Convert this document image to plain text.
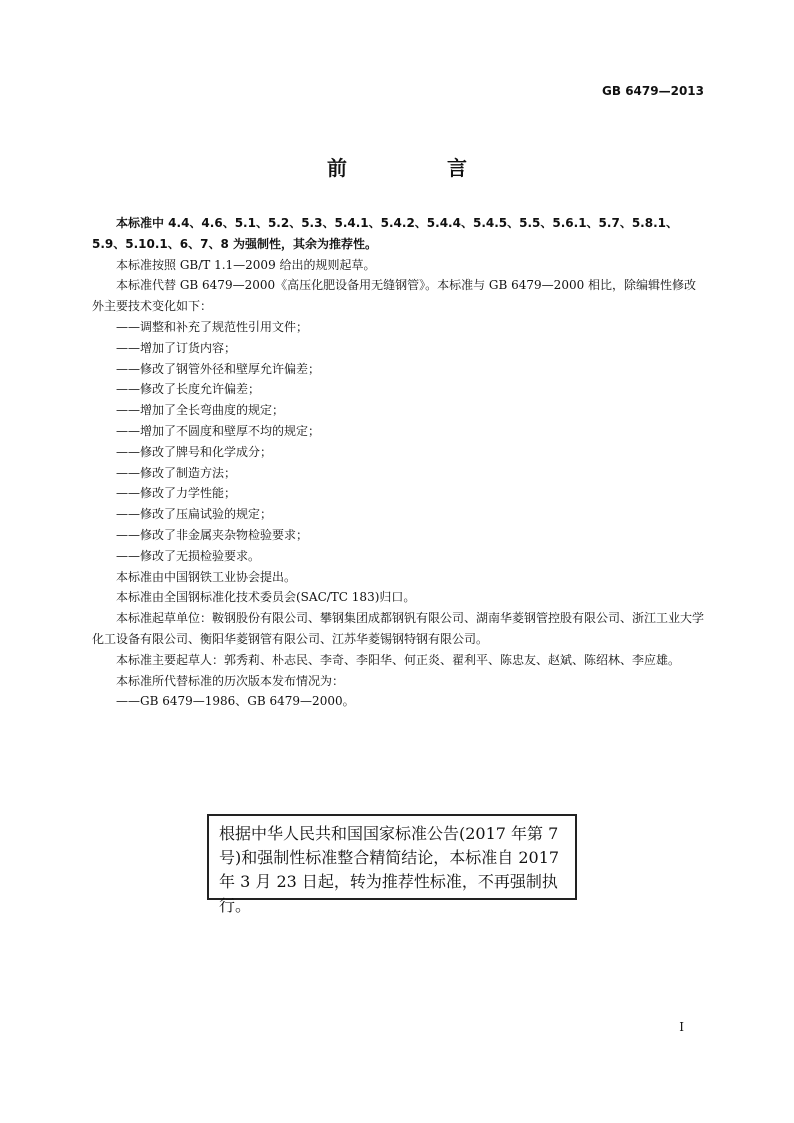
GB 6479—2013
前　言

本标准中 4.4、4.6、5.1、5.2、5.3、5.4.1、5.4.2、5.4.4、5.4.5、5.5、5.6.1、5.7、5.8.1、5.9、5.10.1、6、7、8 为强制性，其余为推荐性。

本标准按照 GB/T 1.1—2009 给出的规则起草。

本标准代替 GB 6479—2000《高压化肥设备用无缝钢管》。本标准与 GB 6479—2000 相比，除编辑性修改外主要技术变化如下：

——调整和补充了规范性引用文件；

——增加了订货内容；

——修改了钢管外径和壁厚允许偏差；

——修改了长度允许偏差；

——增加了全长弯曲度的规定；

——增加了不圆度和壁厚不均的规定；

——修改了牌号和化学成分；

——修改了制造方法；

——修改了力学性能；

——修改了压扁试验的规定；

——修改了非金属夹杂物检验要求；

——修改了无损检验要求。

本标准由中国钢铁工业协会提出。

本标准由全国钢标准化技术委员会(SAC/TC 183)归口。

本标准起草单位：鞍钢股份有限公司、攀钢集团成都钢钒有限公司、湖南华菱钢管控股有限公司、浙江工业大学化工设备有限公司、衡阳华菱钢管有限公司、江苏华菱锡钢特钢有限公司。

本标准主要起草人：郭秀莉、朴志民、李奇、李阳华、何正炎、翟利平、陈忠友、赵斌、陈绍林、李应雄。

本标准所代替标准的历次版本发布情况为：

——GB 6479—1986、GB 6479—2000。

根据中华人民共和国国家标准公告(2017 年第 7 号)和强制性标准整合精简结论，本标准自 2017 年 3 月 23 日起，转为推荐性标准，不再强制执行。
I
